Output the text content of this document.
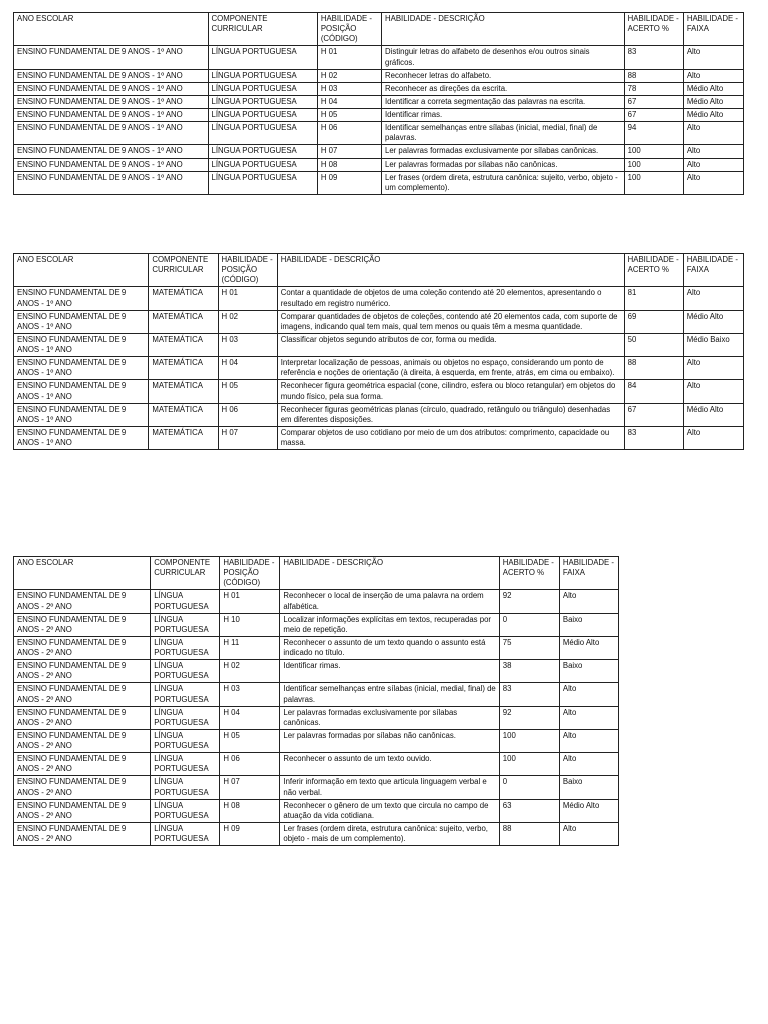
ANO ESCOLAR	COMPONENTE CURRICULAR	HABILIDADE - POSIÇÃO (CÓDIGO)	HABILIDADE - DESCRIÇÃO	HABILIDADE - ACERTO %	HABILIDADE - FAIXA
ENSINO FUNDAMENTAL DE 9 ANOS - 1º ANO	LÍNGUA PORTUGUESA	H 01	Distinguir letras do alfabeto de desenhos e/ou outros sinais gráficos.	83	Alto
ENSINO FUNDAMENTAL DE 9 ANOS - 1º ANO	LÍNGUA PORTUGUESA	H 02	Reconhecer letras do alfabeto.	88	Alto
ENSINO FUNDAMENTAL DE 9 ANOS - 1º ANO	LÍNGUA PORTUGUESA	H 03	Reconhecer as direções da escrita.	78	Médio Alto
ENSINO FUNDAMENTAL DE 9 ANOS - 1º ANO	LÍNGUA PORTUGUESA	H 04	Identificar a correta segmentação das palavras na escrita.	67	Médio Alto
ENSINO FUNDAMENTAL DE 9 ANOS - 1º ANO	LÍNGUA PORTUGUESA	H 05	Identificar rimas.	67	Médio Alto
ENSINO FUNDAMENTAL DE 9 ANOS - 1º ANO	LÍNGUA PORTUGUESA	H 06	Identificar semelhanças entre sílabas (inicial, medial, final) de palavras.	94	Alto
ENSINO FUNDAMENTAL DE 9 ANOS - 1º ANO	LÍNGUA PORTUGUESA	H 07	Ler palavras formadas exclusivamente por sílabas canônicas.	100	Alto
ENSINO FUNDAMENTAL DE 9 ANOS - 1º ANO	LÍNGUA PORTUGUESA	H 08	Ler palavras formadas por sílabas não canônicas.	100	Alto
ENSINO FUNDAMENTAL DE 9 ANOS - 1º ANO	LÍNGUA PORTUGUESA	H 09	Ler frases (ordem direta, estrutura canônica: sujeito, verbo, objeto - um complemento).	100	Alto
ANO ESCOLAR	COMPONENTE CURRICULAR	HABILIDADE - POSIÇÃO (CÓDIGO)	HABILIDADE - DESCRIÇÃO	HABILIDADE - ACERTO %	HABILIDADE - FAIXA
ENSINO FUNDAMENTAL DE 9 ANOS - 1º ANO	MATEMÁTICA	H 01	Contar a quantidade de objetos de uma coleção contendo até 20 elementos, apresentando o resultado em registro numérico.	81	Alto
ENSINO FUNDAMENTAL DE 9 ANOS - 1º ANO	MATEMÁTICA	H 02	Comparar quantidades de objetos de coleções, contendo até 20 elementos cada, com suporte de imagens, indicando qual tem mais, qual tem menos ou quais têm a mesma quantidade.	69	Médio Alto
ENSINO FUNDAMENTAL DE 9 ANOS - 1º ANO	MATEMÁTICA	H 03	Classificar objetos segundo atributos de cor, forma ou medida.	50	Médio Baixo
ENSINO FUNDAMENTAL DE 9 ANOS - 1º ANO	MATEMÁTICA	H 04	Interpretar localização de pessoas, animais ou objetos no espaço, considerando um ponto de referência e noções de orientação (à direita, à esquerda, em frente, atrás, em cima ou embaixo).	88	Alto
ENSINO FUNDAMENTAL DE 9 ANOS - 1º ANO	MATEMÁTICA	H 05	Reconhecer figura geométrica espacial (cone, cilindro, esfera ou bloco retangular) em objetos do mundo físico, pela sua forma.	84	Alto
ENSINO FUNDAMENTAL DE 9 ANOS - 1º ANO	MATEMÁTICA	H 06	Reconhecer figuras geométricas planas (círculo, quadrado, retângulo ou triângulo) desenhadas em diferentes disposições.	67	Médio Alto
ENSINO FUNDAMENTAL DE 9 ANOS - 1º ANO	MATEMÁTICA	H 07	Comparar objetos de uso cotidiano por meio de um dos atributos: comprimento, capacidade ou massa.	83	Alto
ANO ESCOLAR	COMPONENTE CURRICULAR	HABILIDADE - POSIÇÃO (CÓDIGO)	HABILIDADE - DESCRIÇÃO	HABILIDADE - ACERTO %	HABILIDADE - FAIXA
ENSINO FUNDAMENTAL DE 9 ANOS - 2º ANO	LÍNGUA PORTUGUESA	H 01	Reconhecer o local de inserção de uma palavra na ordem alfabética.	92	Alto
ENSINO FUNDAMENTAL DE 9 ANOS - 2º ANO	LÍNGUA PORTUGUESA	H 10	Localizar informações explícitas em textos, recuperadas por meio de repetição.	0	Baixo
ENSINO FUNDAMENTAL DE 9 ANOS - 2º ANO	LÍNGUA PORTUGUESA	H 11	Reconhecer o assunto de um texto quando o assunto está indicado no título.	75	Médio Alto
ENSINO FUNDAMENTAL DE 9 ANOS - 2º ANO	LÍNGUA PORTUGUESA	H 02	Identificar rimas.	38	Baixo
ENSINO FUNDAMENTAL DE 9 ANOS - 2º ANO	LÍNGUA PORTUGUESA	H 03	Identificar semelhanças entre sílabas (inicial, medial, final) de palavras.	83	Alto
ENSINO FUNDAMENTAL DE 9 ANOS - 2º ANO	LÍNGUA PORTUGUESA	H 04	Ler palavras formadas exclusivamente por sílabas canônicas.	92	Alto
ENSINO FUNDAMENTAL DE 9 ANOS - 2º ANO	LÍNGUA PORTUGUESA	H 05	Ler palavras formadas por sílabas não canônicas.	100	Alto
ENSINO FUNDAMENTAL DE 9 ANOS - 2º ANO	LÍNGUA PORTUGUESA	H 06	Reconhecer o assunto de um texto ouvido.	100	Alto
ENSINO FUNDAMENTAL DE 9 ANOS - 2º ANO	LÍNGUA PORTUGUESA	H 07	Inferir informação em texto que articula linguagem verbal e não verbal.	0	Baixo
ENSINO FUNDAMENTAL DE 9 ANOS - 2º ANO	LÍNGUA PORTUGUESA	H 08	Reconhecer o gênero de um texto que circula no campo de atuação da vida cotidiana.	63	Médio Alto
ENSINO FUNDAMENTAL DE 9 ANOS - 2º ANO	LÍNGUA PORTUGUESA	H 09	Ler frases (ordem direta, estrutura canônica: sujeito, verbo, objeto - mais de um complemento).	88	Alto
